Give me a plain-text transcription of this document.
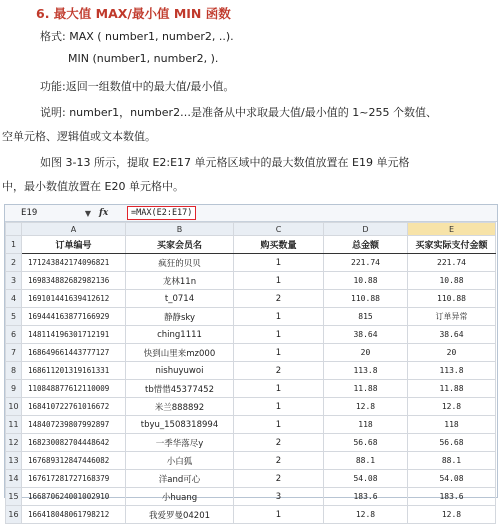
6. 最大值 MAX/最小值 MIN 函数
格式: MAX ( number1, number2, ..).
MIN (number1, number2, ).
功能:返回一组数值中的最大值/最小值。
说明: number1，number2…是准备从中求取最大值/最小值的 1~255 个数值、
空单元格、逻辑值或文本数值。
如图 3-13 所示，提取 E2:E17 单元格区域中的最大数值放置在 E19 单元格
中，最小数值放置在 E20 单元格中。
E19	▼ fx	=MAX(E2:E17)
	A	B	C	D	E
1	订单编号	买家会员名	购买数量	总金额	买家实际支付金额
2	171243842174096821	疯狂的贝贝	1	221.74	221.74
3	169834882682982136	龙林11n	1	10.88	10.88
4	169101441639412612	t_0714	2	110.88	110.88
5	169444163877166929	静静sky	1	815	订单异常
6	148114196301712191	ching1111	1	38.64	38.64
7	168649661443777127	快到山里来mz000	1	20	20
8	168611201319161331	nishuyuwoi	2	113.8	113.8
9	110848877612110009	tb惜惜45377452	1	11.88	11.88
10	168410722761016672	米兰888892	1	12.8	12.8
11	148407239807992897	tbyu_1508318994	1	118	118
12	168230082704448642	一季华落尽y	2	56.68	56.68
13	167689312847446082	小白狐	2	88.1	88.1
14	167617281727168379	洋and可心	2	54.08	54.08
15	166870624001002910	小huang	3	183.6	183.6
16	166418048061798212	我爱罗曼04201	1	12.8	12.8
